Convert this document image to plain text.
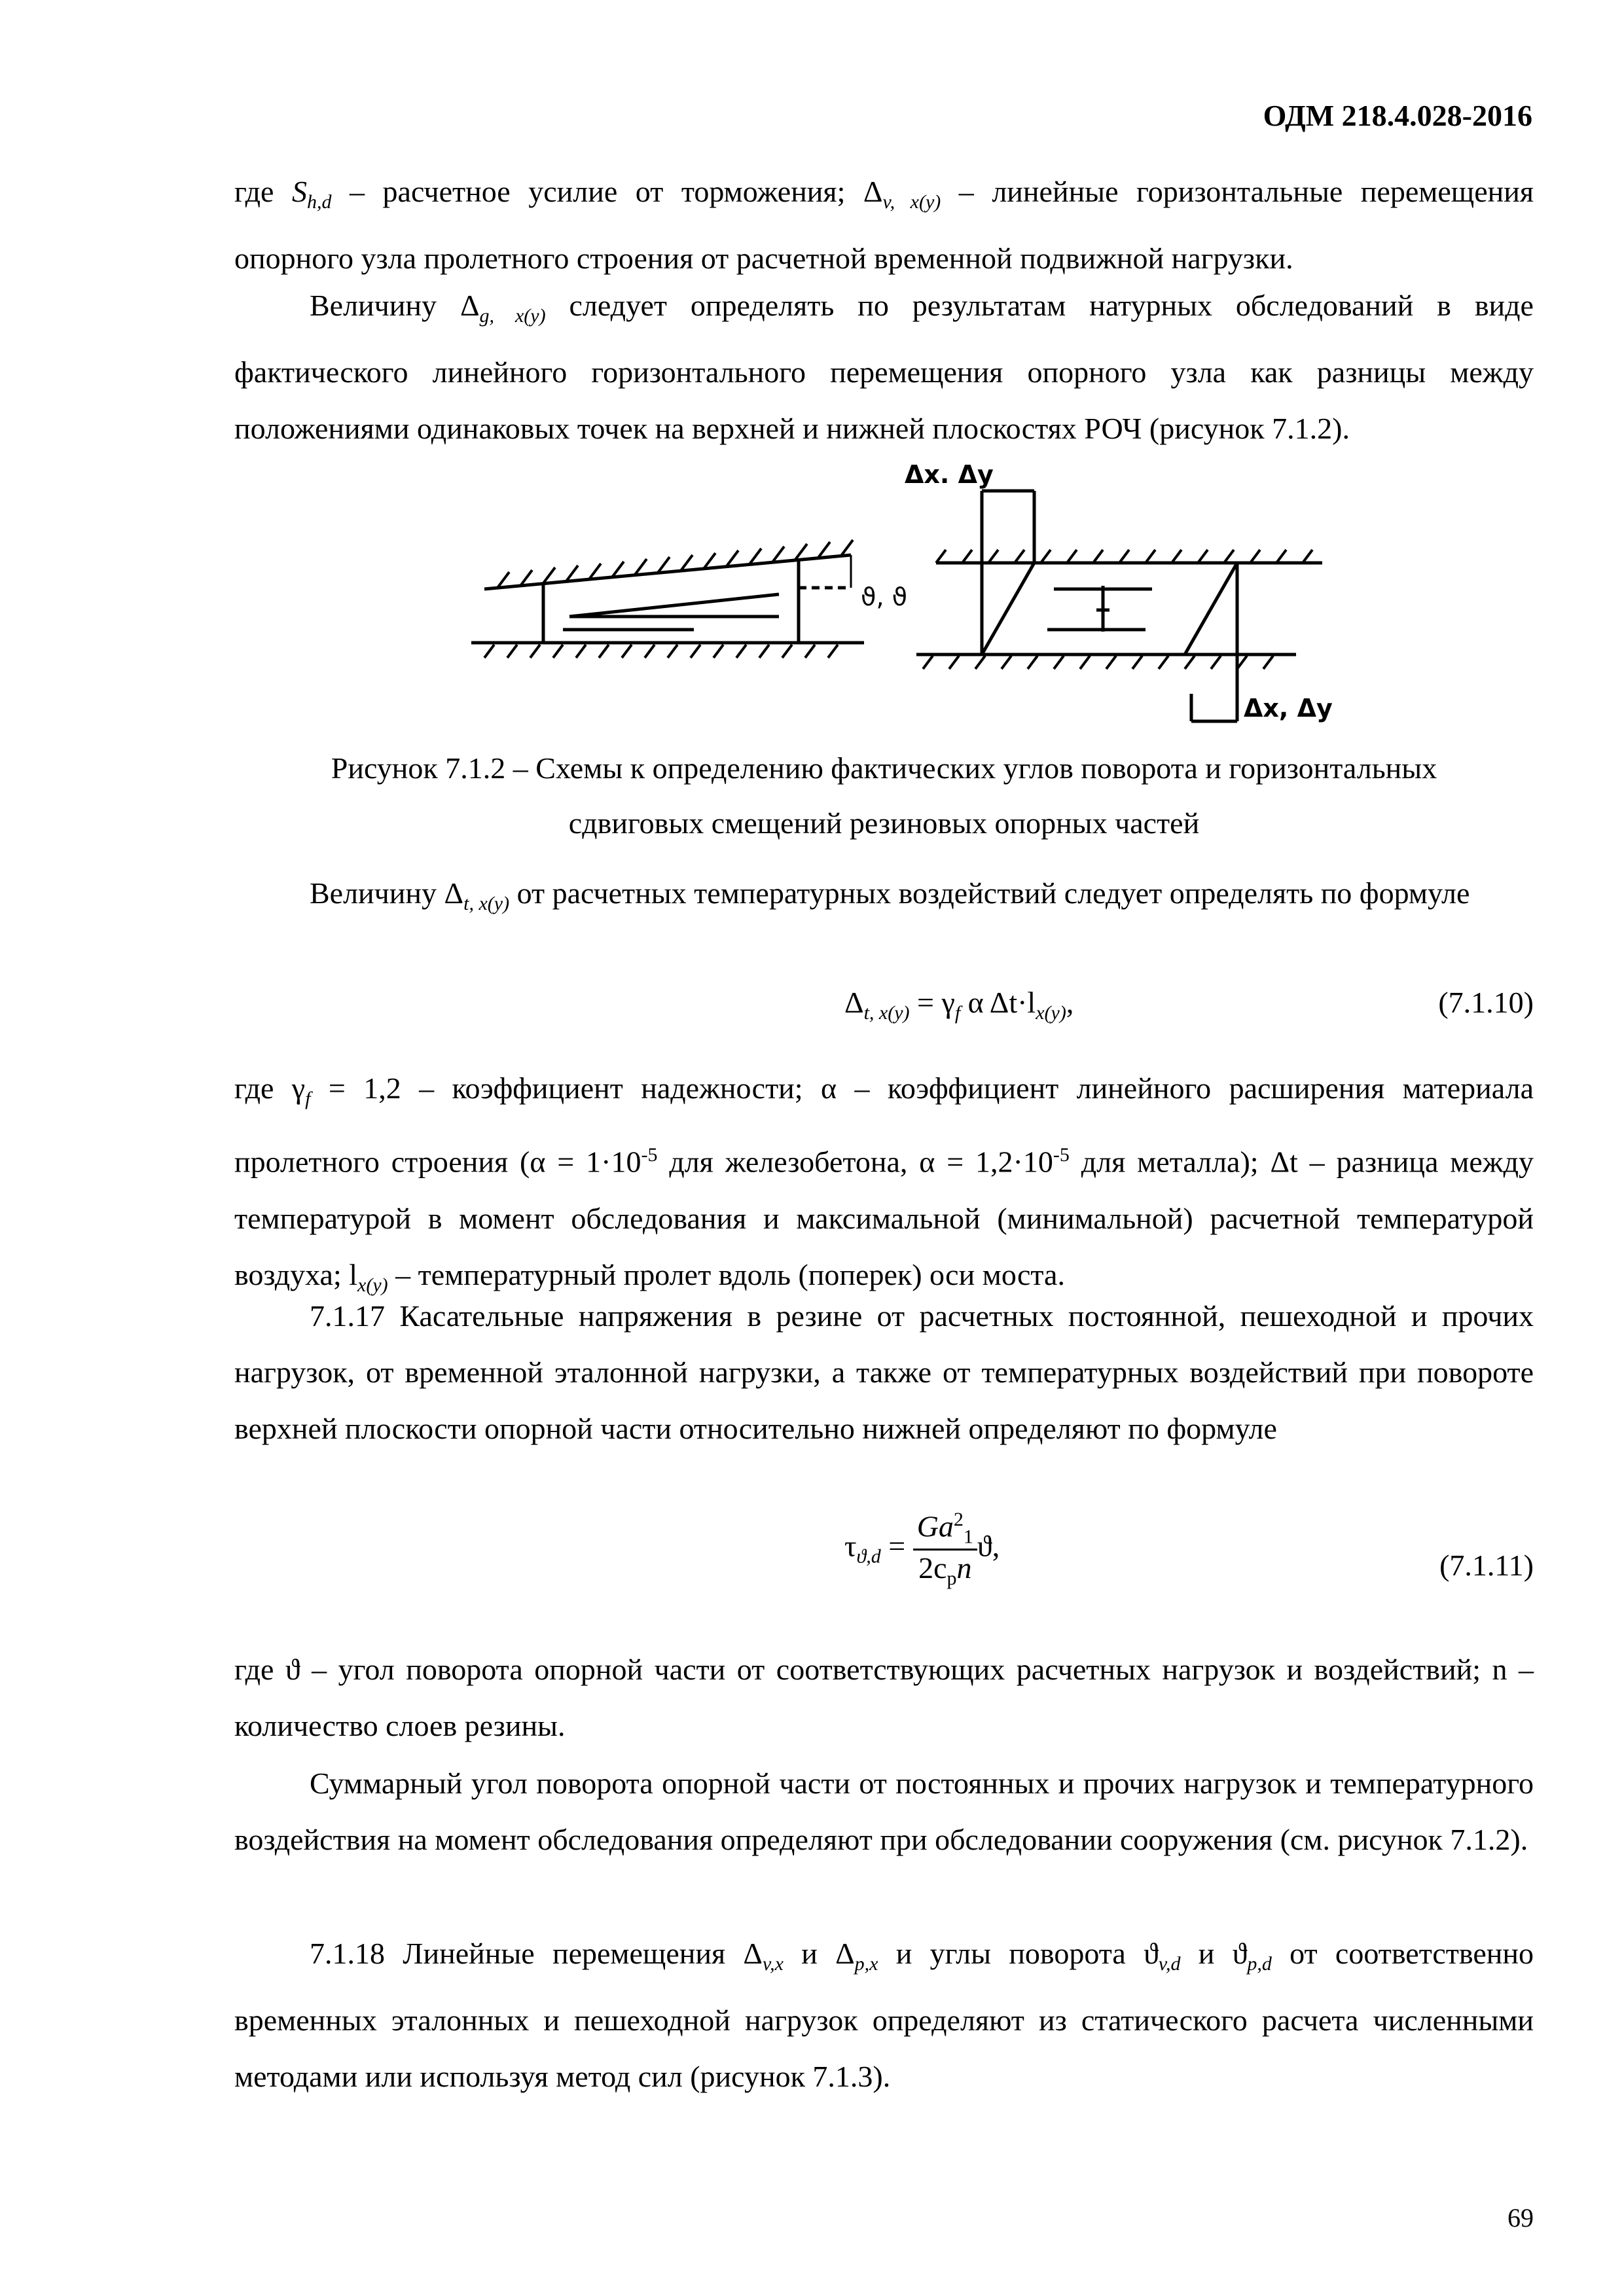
ОДМ 218.4.028-2016
где $S_{h,d}$ – расчетное усилие от торможения; $\Delta_{v, x(y)}$ – линейные горизонтальные перемещения опорного узла пролетного строения от расчетной временной подвижной нагрузки.
Величину $\Delta_{g, x(y)}$ следует определять по результатам натурных обследований в виде фактического линейного горизонтального перемещения опорного узла как разницы между положениями одинаковых точек на верхней и нижней плоскостях РОЧ (рисунок 7.1.2).
ϑ, ϑ
Δx. Δy
Δx, Δy
Рисунок 7.1.2 – Схемы к определению фактических углов поворота и горизонтальных
сдвиговых смещений резиновых опорных частей
Величину $\Delta_{t, x(y)}$ от расчетных температурных воздействий следует определять по формуле
$\Delta_{t, x(y)} = \gamma_f$ α $\Delta t\cdot l_{x(y)}$,	(7.1.10)
где $\gamma_f = 1,2$ – коэффициент надежности; α – коэффициент линейного расширения материала пролетного строения ($\alpha = 1\cdot 10^{-5}$ для железобетона, $\alpha = 1,2\cdot 10^{-5}$ для металла); Δt – разница между температурой в момент обследования и максимальной (минимальной) расчетной температурой воздуха; $l_{x(y)}$ – температурный пролет вдоль (поперек) оси моста.
7.1.17 Касательные напряжения в резине от расчетных постоянной, пешеходной и прочих нагрузок, от временной эталонной нагрузки, а также от температурных воздействий при повороте верхней плоскости опорной части относительно нижней определяют по формуле
$\tau_{ϑ,d} = \frac{Ga^2_1}{2c_pn} ϑ$,
(7.1.11)
где ϑ – угол поворота опорной части от соответствующих расчетных нагрузок и воздействий; n – количество слоев резины.
Суммарный угол поворота опорной части от постоянных и прочих нагрузок и температурного воздействия на момент обследования определяют при обследовании сооружения (см. рисунок 7.1.2).
7.1.18 Линейные перемещения $\Delta_{v,x}$ и $\Delta_{p,x}$ и углы поворота $ϑ_{v,d}$ и $ϑ_{p,d}$ от соответственно временных эталонных и пешеходной нагрузок определяют из статического расчета численными методами или используя метод сил (рисунок 7.1.3).
69
